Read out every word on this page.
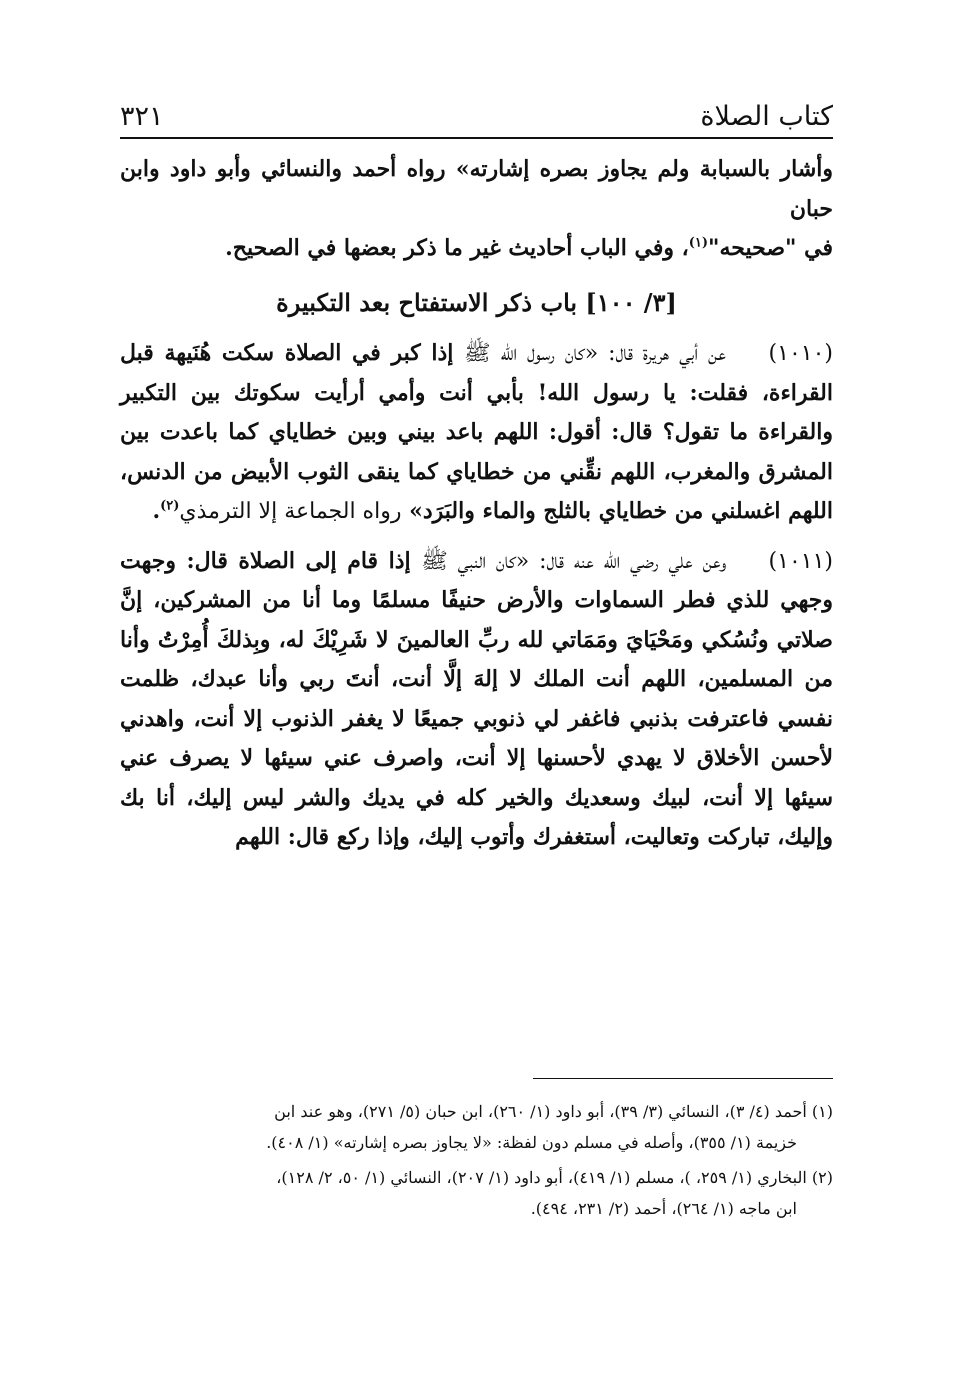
كتاب الصلاة
٣٢١

وأشار بالسبابة ولم يجاوز بصره إشارته» رواه أحمد والنسائي وأبو داود وابن حبان
في "صحيحه"$^{(١)}$، وفي الباب أحاديث غير ما ذكر بعضها في الصحيح.

[٣/ ١٠٠] باب ذكر الاستفتاح بعد التكبيرة

(١٠١٠)    عن أبي هريرة قال: «كان رسول الله ﷺ إذا كبر في الصلاة سكت هُنَيهة قبل القراءة، فقلت: يا رسول الله! بأبي أنت وأمي أرأيت سكوتك بين التكبير والقراءة ما تقول؟ قال: أقول: اللهم باعد بيني وبين خطاياي كما باعدت بين المشرق والمغرب، اللهم نقِّني من خطاياي كما ينقى الثوب الأبيض من الدنس، اللهم اغسلني من خطاياي بالثلج والماء والبَرَد» رواه الجماعة إلا الترمذي$^{(٢)}$.

(١٠١١)    وعن علي رضي الله عنه قال: «كان النبي ﷺ إذا قام إلى الصلاة قال: وجهت وجهي للذي فطر السماوات والأرض حنيفًا مسلمًا وما أنا من المشركين، إنَّ صلاتي ونُسُكي ومَحْيَايَ ومَمَاتي لله ربِّ العالمينَ لا شَرِيْكَ له، وبِذلكَ أُمِرْتُ وأنا من المسلمين، اللهم أنت الملك لا إلهَ إلَّا أنت، أنتَ ربي وأنا عبدك، ظلمت نفسي فاعترفت بذنبي فاغفر لي ذنوبي جميعًا لا يغفر الذنوب إلا أنت، واهدني لأحسن الأخلاق لا يهدي لأحسنها إلا أنت، واصرف عني سيئها لا يصرف عني سيئها إلا أنت، لبيك وسعديك والخير كله في يديك والشر ليس إليك، أنا بك وإليك، تباركت وتعاليت، أستغفرك وأتوب إليك، وإذا ركع قال: اللهم

(١) أحمد (٤/ ٣)، النسائي (٣/ ٣٩)، أبو داود (١/ ٢٦٠)، ابن حبان (٥/ ٢٧١)، وهو عند ابن
خزيمة (١/ ٣٥٥)، وأصله في مسلم دون لفظة: «لا يجاوز بصره إشارته» (١/ ٤٠٨).

(٢) البخاري (١/ ٢٥٩، )، مسلم (١/ ٤١٩)، أبو داود (١/ ٢٠٧)، النسائي (١/ ٥٠، ٢/ ١٢٨)،
ابن ماجه (١/ ٢٦٤)، أحمد (٢/ ٢٣١، ٤٩٤).
